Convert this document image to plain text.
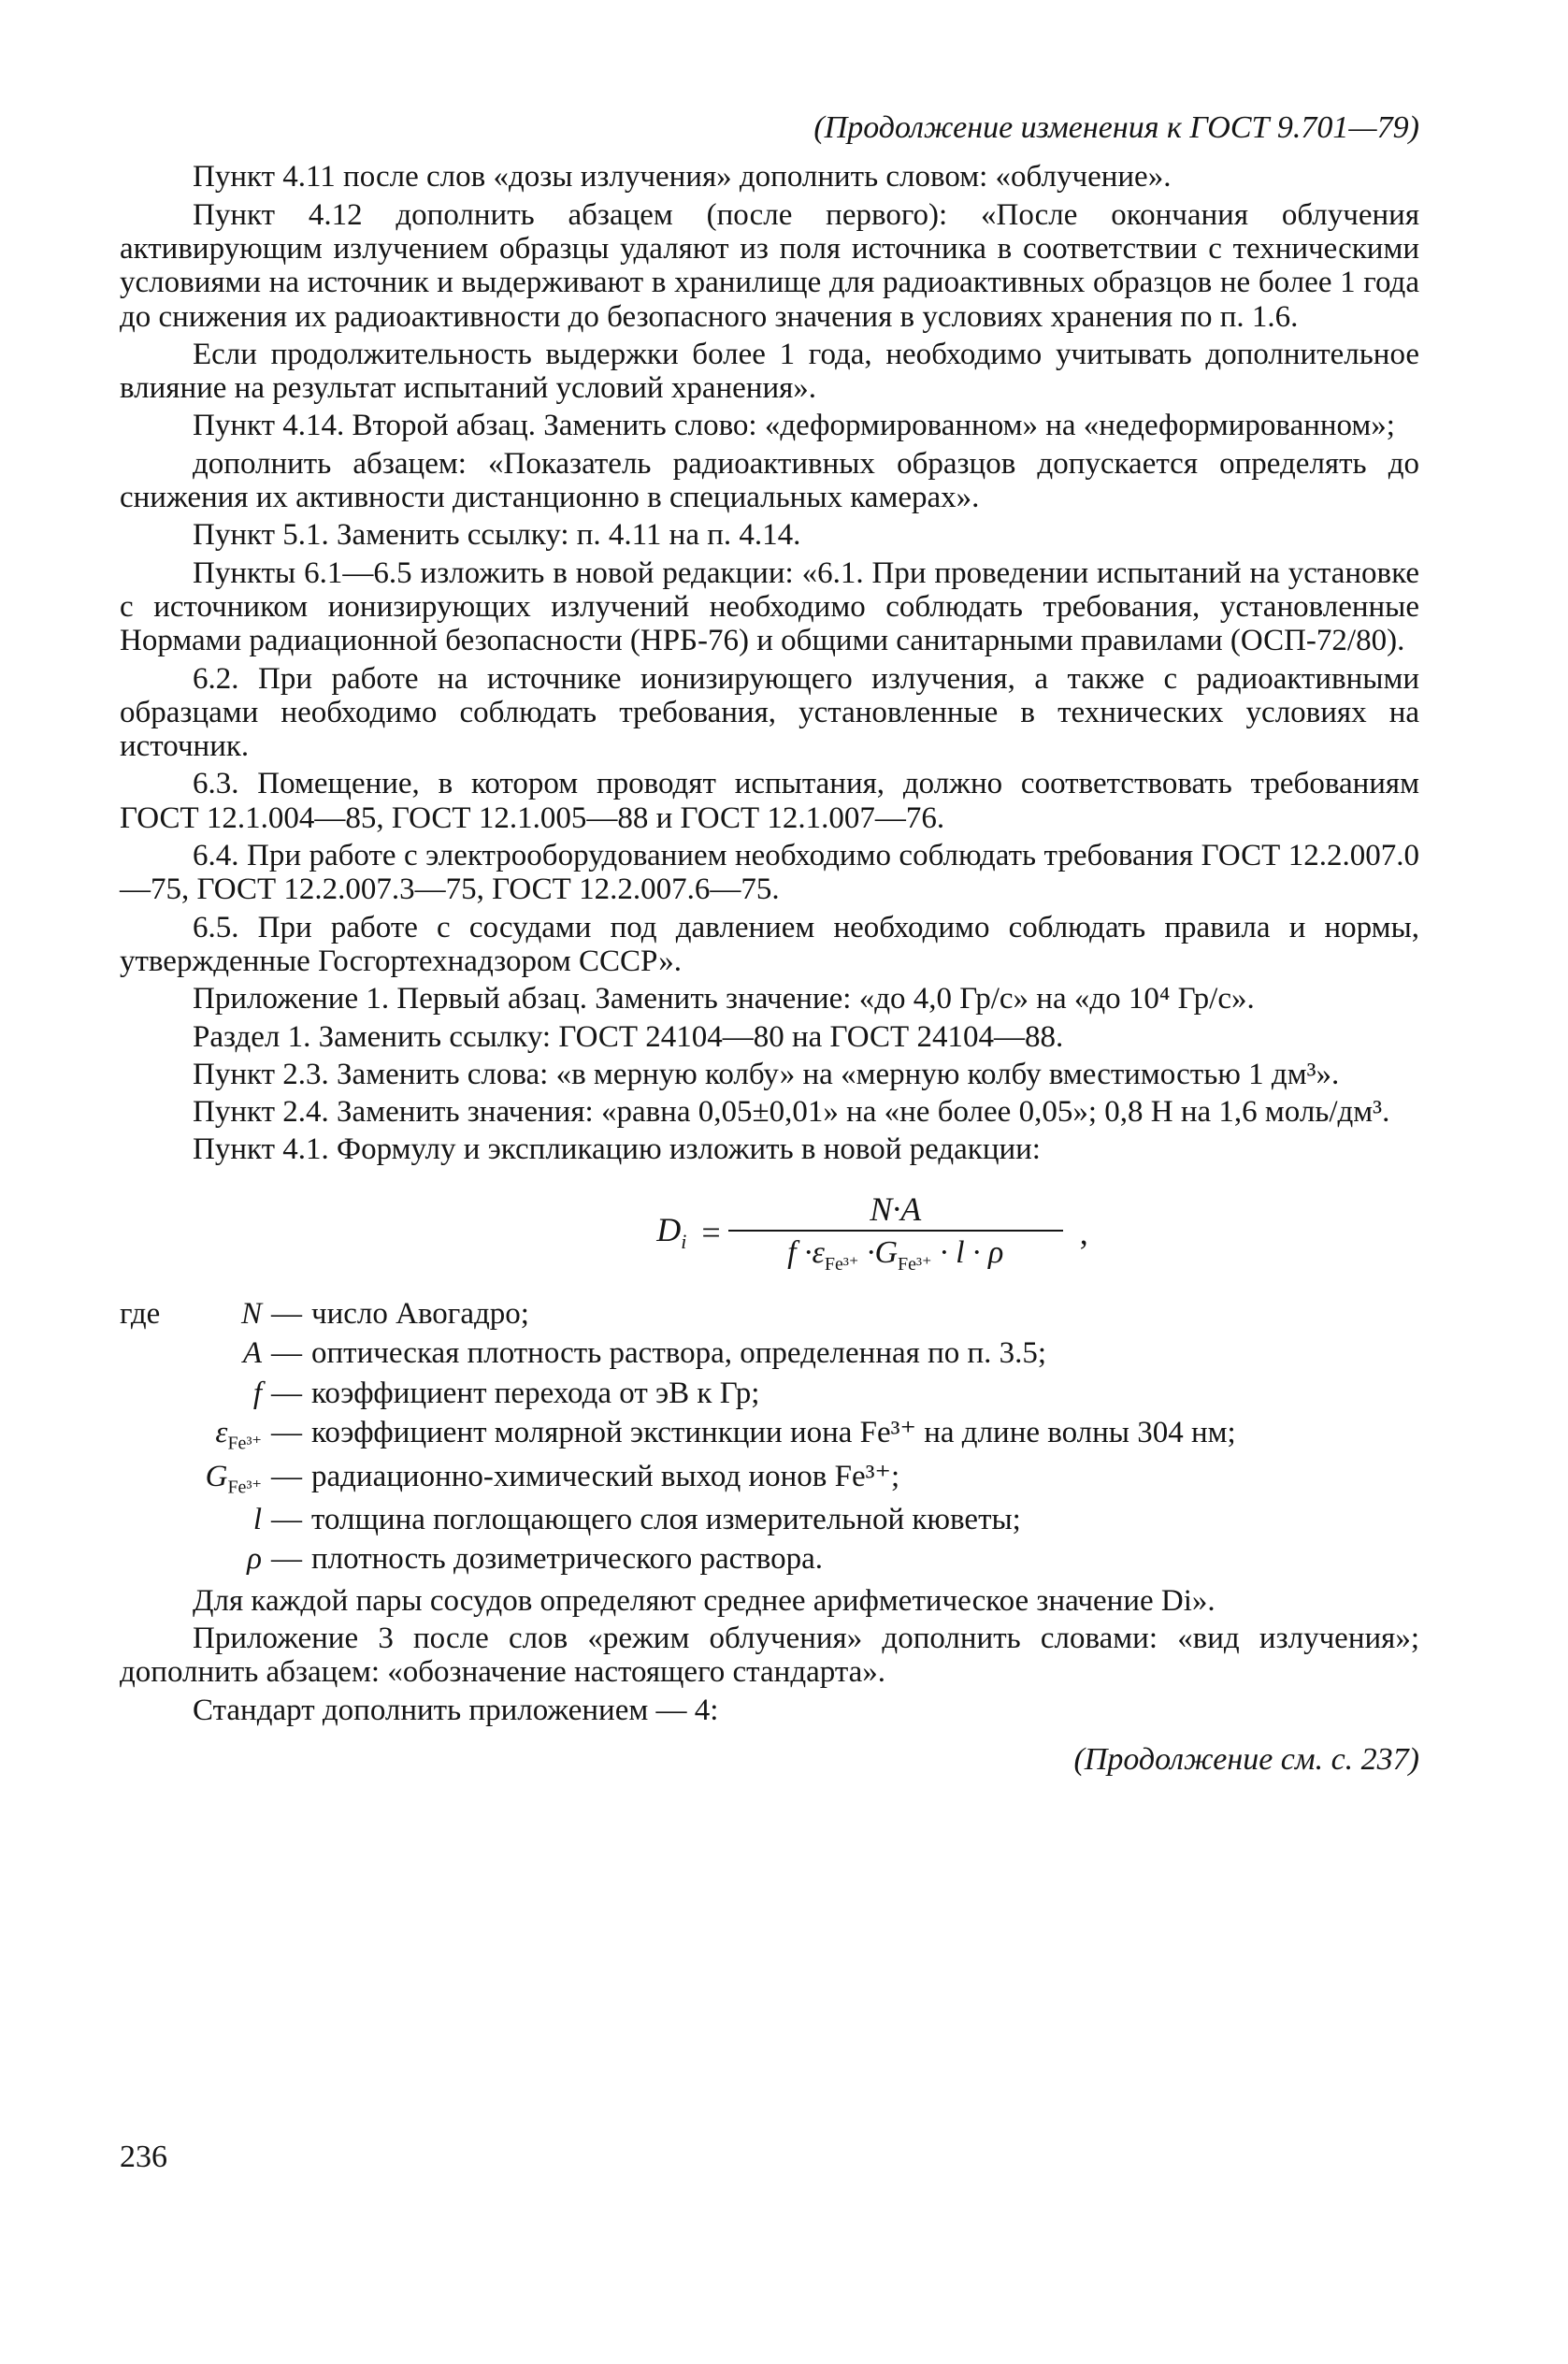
(Продолжение изменения к ГОСТ 9.701—79)

Пункт 4.11 после слов «дозы излучения» дополнить словом: «облучение».

Пункт 4.12 дополнить абзацем (после первого): «После окончания облучения активирующим излучением образцы удаляют из поля источника в соответствии с техническими условиями на источник и выдерживают в хранилище для радиоактивных образцов не более 1 года до снижения их радиоактивности до безопасного значения в условиях хранения по п. 1.6.

Если продолжительность выдержки более 1 года, необходимо учитывать дополнительное влияние на результат испытаний условий хранения».

Пункт 4.14. Второй абзац. Заменить слово: «деформированном» на «недеформированном»;

дополнить абзацем: «Показатель радиоактивных образцов допускается определять до снижения их активности дистанционно в специальных камерах».

Пункт 5.1. Заменить ссылку: п. 4.11 на п. 4.14.

Пункты 6.1—6.5 изложить в новой редакции: «6.1. При проведении испытаний на установке с источником ионизирующих излучений необходимо соблюдать требования, установленные Нормами радиационной безопасности (НРБ-76) и общими санитарными правилами (ОСП-72/80).

6.2. При работе на источнике ионизирующего излучения, а также с радиоактивными образцами необходимо соблюдать требования, установленные в технических условиях на источник.

6.3. Помещение, в котором проводят испытания, должно соответствовать требованиям ГОСТ 12.1.004—85, ГОСТ 12.1.005—88 и ГОСТ 12.1.007—76.

6.4. При работе с электрооборудованием необходимо соблюдать требования ГОСТ 12.2.007.0—75, ГОСТ 12.2.007.3—75, ГОСТ 12.2.007.6—75.

6.5. При работе с сосудами под давлением необходимо соблюдать правила и нормы, утвержденные Госгортехнадзором СССР».

Приложение 1. Первый абзац. Заменить значение: «до 4,0 Гр/с» на «до 10⁴ Гр/с».

Раздел 1. Заменить ссылку: ГОСТ 24104—80 на ГОСТ 24104—88.

Пункт 2.3. Заменить слова: «в мерную колбу» на «мерную колбу вместимостью 1 дм³».

Пункт 2.4. Заменить значения: «равна 0,05±0,01» на «не более 0,05»; 0,8 Н на 1,6 моль/дм³.

Пункт 4.1. Формулу и экспликацию изложить в новой редакции:

$D_i = \frac{N\cdot A}{f \cdot\varepsilon_{Fe^{3+}} \cdot G_{Fe^{3+}} \cdot l \cdot \rho}$ ,
где	N — число Авогадро;
A — оптическая плотность раствора, определенная по п. 3.5;
f — коэффициент перехода от эВ к Гр;
$\varepsilon_{Fe^{3+}}$ — коэффициент молярной экстинкции иона Fe³⁺ на длине волны 304 нм;
$G_{Fe^{3+}}$ — радиационно-химический выход ионов Fe³⁺;
l — толщина поглощающего слоя измерительной кюветы;
ρ — плотность дозиметрического раствора.

Для каждой пары сосудов определяют среднее арифметическое значение Di».

Приложение 3 после слов «режим облучения» дополнить словами: «вид излучения»; дополнить абзацем: «обозначение настоящего стандарта».

Стандарт дополнить приложением — 4:

(Продолжение см. с. 237)
236
